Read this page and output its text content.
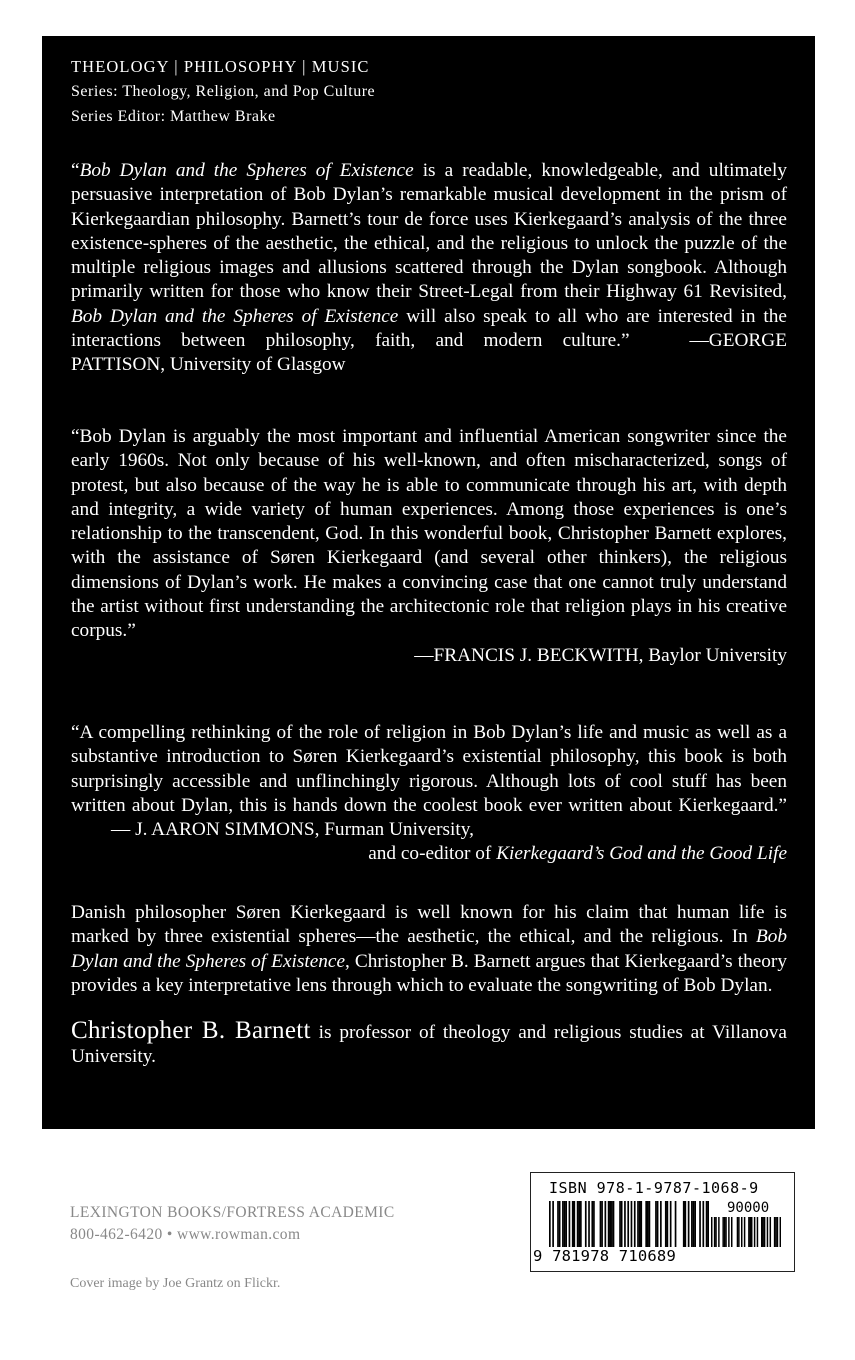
THEOLOGY | PHILOSOPHY | MUSIC
Series: Theology, Religion, and Pop Culture
Series Editor: Matthew Brake

“Bob Dylan and the Spheres of Existence is a readable, knowledgeable, and ultimately persuasive interpretation of Bob Dylan’s remarkable musical development in the prism of Kierkegaardian philosophy. Barnett’s tour de force uses Kierkegaard’s analysis of the three existence-spheres of the aesthetic, the ethical, and the religious to unlock the puzzle of the multiple religious images and allusions scattered through the Dylan songbook. Although primarily written for those who know their Street-Legal from their Highway 61 Revisited, Bob Dylan and the Spheres of Existence will also speak to all who are interested in the interactions between philosophy, faith, and modern culture.”	—GEORGE PATTISON, University of Glasgow

“Bob Dylan is arguably the most important and influential American songwriter since the early 1960s. Not only because of his well-known, and often mischaracterized, songs of protest, but also because of the way he is able to communicate through his art, with depth and integrity, a wide variety of human experiences. Among those experiences is one’s relationship to the transcendent, God. In this wonderful book, Christopher Barnett explores, with the assistance of Søren Kierkegaard (and several other thinkers), the religious dimensions of Dylan’s work. He makes a convincing case that one cannot truly understand the artist without first understanding the architectonic role that religion plays in his creative corpus.”
—FRANCIS J. BECKWITH, Baylor University

“A compelling rethinking of the role of religion in Bob Dylan’s life and music as well as a substantive introduction to Søren Kierkegaard’s existential philosophy, this book is both surprisingly accessible and unflinchingly rigorous. Although lots of cool stuff has been written about Dylan, this is hands down the coolest book ever written about Kierkegaard.”— J. AARON SIMMONS, Furman University,
and co-editor of Kierkegaard’s God and the Good Life

Danish philosopher Søren Kierkegaard is well known for his claim that human life is marked by three existential spheres—the aesthetic, the ethical, and the religious. In Bob Dylan and the Spheres of Existence, Christopher B. Barnett argues that Kierkegaard’s theory provides a key interpretative lens through which to evaluate the songwriting of Bob Dylan.

Christopher B. Barnett is professor of theology and religious studies at Villanova University.

LEXINGTON BOOKS/FORTRESS ACADEMIC
800-462-6420 • www.rowman.com
Cover image by Joe Grantz on Flickr.
ISBN 978-1-9787-1068-9
90000
9 781978 710689
